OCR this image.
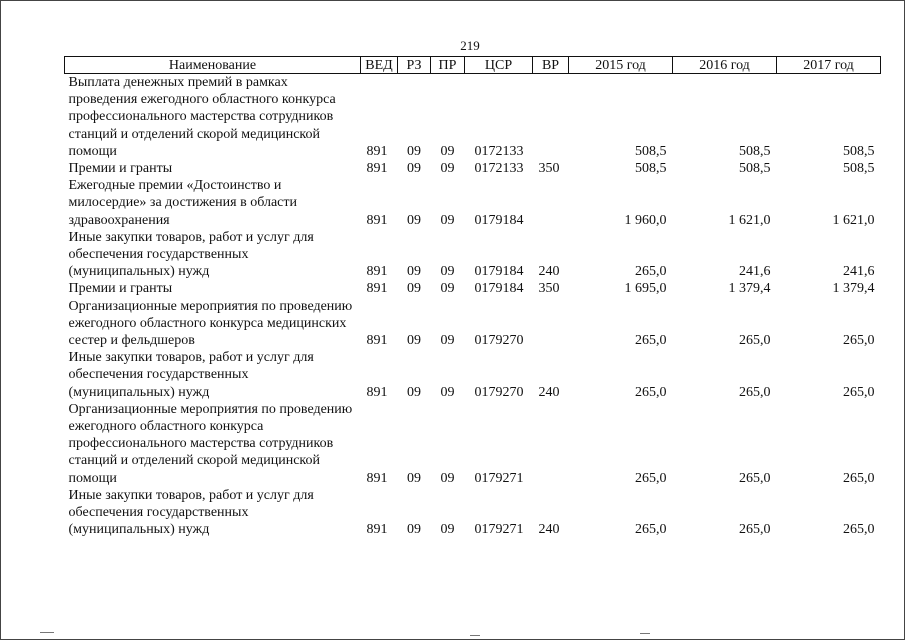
219
Наименование	ВЕД	РЗ	ПР	ЦСР	ВР	2015 год	2016 год	2017 год
Выплата денежных премий в рамках проведения ежегодного областного конкурса профессионального мастерства сотрудников станций и отделений скорой медицинской помощи	891	09	09	0172133		508,5	508,5	508,5
Премии и гранты	891	09	09	0172133	350	508,5	508,5	508,5
Ежегодные премии «Достоинство и милосердие» за достижения в области здравоохранения	891	09	09	0179184		1 960,0	1 621,0	1 621,0
Иные закупки товаров, работ и услуг для обеспечения государственных (муниципальных) нужд	891	09	09	0179184	240	265,0	241,6	241,6
Премии и гранты	891	09	09	0179184	350	1 695,0	1 379,4	1 379,4
Организационные мероприятия по проведению ежегодного областного конкурса медицинских сестер и фельдшеров	891	09	09	0179270		265,0	265,0	265,0
Иные закупки товаров, работ и услуг для обеспечения государственных (муниципальных) нужд	891	09	09	0179270	240	265,0	265,0	265,0
Организационные мероприятия по проведению ежегодного областного конкурса профессионального мастерства сотрудников станций и отделений скорой медицинской помощи	891	09	09	0179271		265,0	265,0	265,0
Иные закупки товаров, работ и услуг для обеспечения государственных (муниципальных) нужд	891	09	09	0179271	240	265,0	265,0	265,0
